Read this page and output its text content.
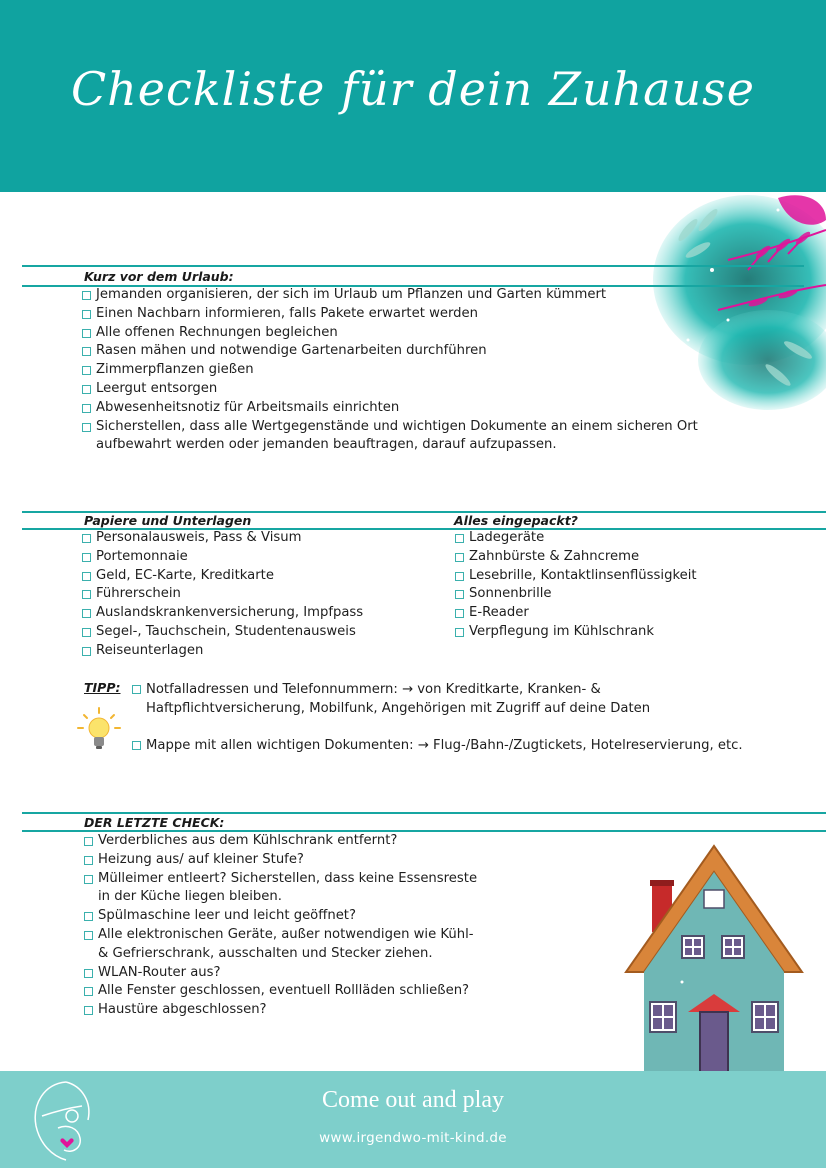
Checkliste für dein Zuhause
Kurz vor dem Urlaub:
Jemanden organisieren, der sich im Urlaub um Pflanzen und Garten kümmert
Einen Nachbarn informieren, falls Pakete erwartet werden
Alle offenen Rechnungen begleichen
Rasen mähen und notwendige Gartenarbeiten durchführen
Zimmerpflanzen gießen
Leergut entsorgen
Abwesenheitsnotiz für Arbeitsmails einrichten
Sicherstellen, dass alle Wertgegenstände und wichtigen Dokumente an einem sicheren Ort
aufbewahrt werden oder jemanden beauftragen, darauf aufzupassen.
Papiere und Unterlagen	Alles eingepackt?
Personalausweis, Pass & Visum
Portemonnaie
Geld, EC-Karte, Kreditkarte
Führerschein
Auslandskrankenversicherung, Impfpass
Segel-, Tauchschein, Studentenausweis
Reiseunterlagen
Ladegeräte
Zahnbürste & Zahncreme
Lesebrille, Kontaktlinsenflüssigkeit
Sonnenbrille
E-Reader
Verpflegung im Kühlschrank
TIPP: Notfalladressen und Telefonnummern: → von Kreditkarte, Kranken- &
Haftpflichtversicherung, Mobilfunk, Angehörigen mit Zugriff auf deine Daten
Mappe mit allen wichtigen Dokumenten: → Flug-/Bahn-/Zugtickets, Hotelreservierung, etc.
DER LETZTE CHECK:
Verderbliches aus dem Kühlschrank entfernt?
Heizung aus/ auf kleiner Stufe?
Mülleimer entleert? Sicherstellen, dass keine Essensreste
in der Küche liegen bleiben.
Spülmaschine leer und leicht geöffnet?
Alle elektronischen Geräte, außer notwendigen wie Kühl-
& Gefrierschrank, ausschalten und Stecker ziehen.
WLAN-Router aus?
Alle Fenster geschlossen, eventuell Rollläden schließen?
Haustüre abgeschlossen?
Come out and play
www.irgendwo-mit-kind.de
